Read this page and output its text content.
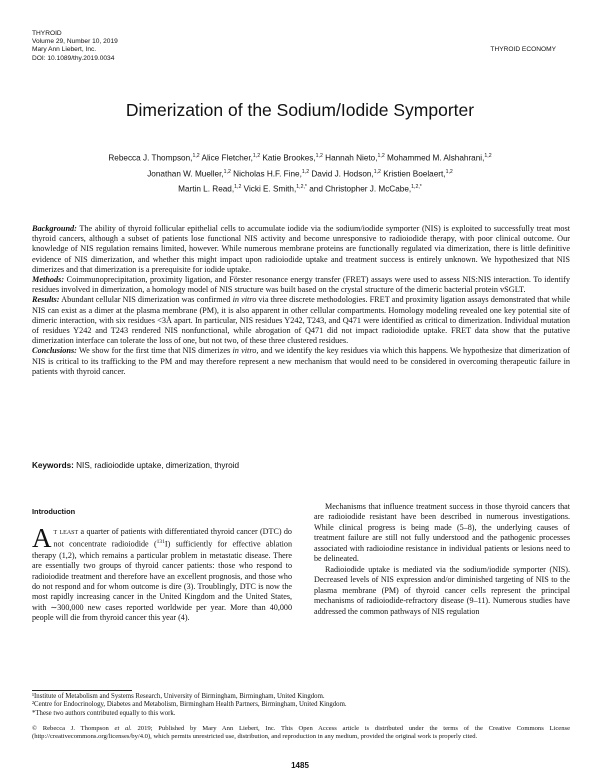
THYROID
Volume 29, Number 10, 2019
Mary Ann Liebert, Inc.
DOI: 10.1089/thy.2019.0034
THYROID ECONOMY
Dimerization of the Sodium/Iodide Symporter
Rebecca J. Thompson,$^{1,2}$ Alice Fletcher,$^{1,2}$ Katie Brookes,$^{1,2}$ Hannah Nieto,$^{1,2}$ Mohammed M. Alshahrani,$^{1,2}$
Jonathan W. Mueller,$^{1,2}$ Nicholas H.F. Fine,$^{1,2}$ David J. Hodson,$^{1,2}$ Kristien Boelaert,$^{1,2}$
Martin L. Read,$^{1,2}$ Vicki E. Smith,$^{1,2,*}$ and Christopher J. McCabe,$^{1,2,*}$

Background: The ability of thyroid follicular epithelial cells to accumulate iodide via the sodium/iodide symporter (NIS) is exploited to successfully treat most thyroid cancers, although a subset of patients lose functional NIS activity and become unresponsive to radioiodide therapy, with poor clinical outcome. Our knowledge of NIS regulation remains limited, however. While numerous membrane proteins are functionally regulated via dimerization, there is little definitive evidence of NIS dimerization, and whether this might impact upon radioiodide uptake and treatment success is entirely unknown. We hypothesized that NIS dimerizes and that dimerization is a prerequisite for iodide uptake.

Methods: Coimmunoprecipitation, proximity ligation, and Förster resonance energy transfer (FRET) assays were used to assess NIS:NIS interaction. To identify residues involved in dimerization, a homology model of NIS structure was built based on the crystal structure of the dimeric bacterial protein vSGLT.

Results: Abundant cellular NIS dimerization was confirmed in vitro via three discrete methodologies. FRET and proximity ligation assays demonstrated that while NIS can exist as a dimer at the plasma membrane (PM), it is also apparent in other cellular compartments. Homology modeling revealed one key potential site of dimeric interaction, with six residues <3Å apart. In particular, NIS residues Y242, T243, and Q471 were identified as critical to dimerization. Individual mutation of residues Y242 and T243 rendered NIS nonfunctional, while abrogation of Q471 did not impact radioiodide uptake. FRET data show that the putative dimerization interface can tolerate the loss of one, but not two, of these three clustered residues.

Conclusions: We show for the first time that NIS dimerizes in vitro, and we identify the key residues via which this happens. We hypothesize that dimerization of NIS is critical to its trafficking to the PM and may therefore represent a new mechanism that would need to be considered in overcoming therapeutic failure in patients with thyroid cancer.

Keywords: NIS, radioiodide uptake, dimerization, thyroid
Introduction

At least a quarter of patients with differentiated thyroid cancer (DTC) do not concentrate radioiodide ($^{131}$I) sufficiently for effective ablation therapy (1,2), which remains a particular problem in metastatic disease. There are essentially two groups of thyroid cancer patients: those who respond to radioiodide treatment and therefore have an excellent prognosis, and those who do not respond and for whom outcome is dire (3). Troublingly, DTC is now the most rapidly increasing cancer in the United Kingdom and the United States, with ∼300,000 new cases reported worldwide per year. More than 40,000 people will die from thyroid cancer this year (4).

Mechanisms that influence treatment success in those thyroid cancers that are radioiodide resistant have been described in numerous investigations. While clinical progress is being made (5–8), the underlying causes of treatment failure are still not fully understood and the pathogenic processes associated with radioiodine resistance in individual patients or lesions need to be delineated.

Radioiodide uptake is mediated via the sodium/iodide symporter (NIS). Decreased levels of NIS expression and/or diminished targeting of NIS to the plasma membrane (PM) of thyroid cancer cells represent the principal mechanisms of radioiodide-refractory disease (9–11). Numerous studies have addressed the common pathways of NIS regulation

¹Institute of Metabolism and Systems Research, University of Birmingham, Birmingham, United Kingdom.

²Centre for Endocrinology, Diabetes and Metabolism, Birmingham Health Partners, Birmingham, United Kingdom.

*These two authors contributed equally to this work.

© Rebecca J. Thompson et al. 2019; Published by Mary Ann Liebert, Inc. This Open Access article is distributed under the terms of the Creative Commons License (http://creativecommons.org/licenses/by/4.0), which permits unrestricted use, distribution, and reproduction in any medium, provided the original work is properly cited.
1485
